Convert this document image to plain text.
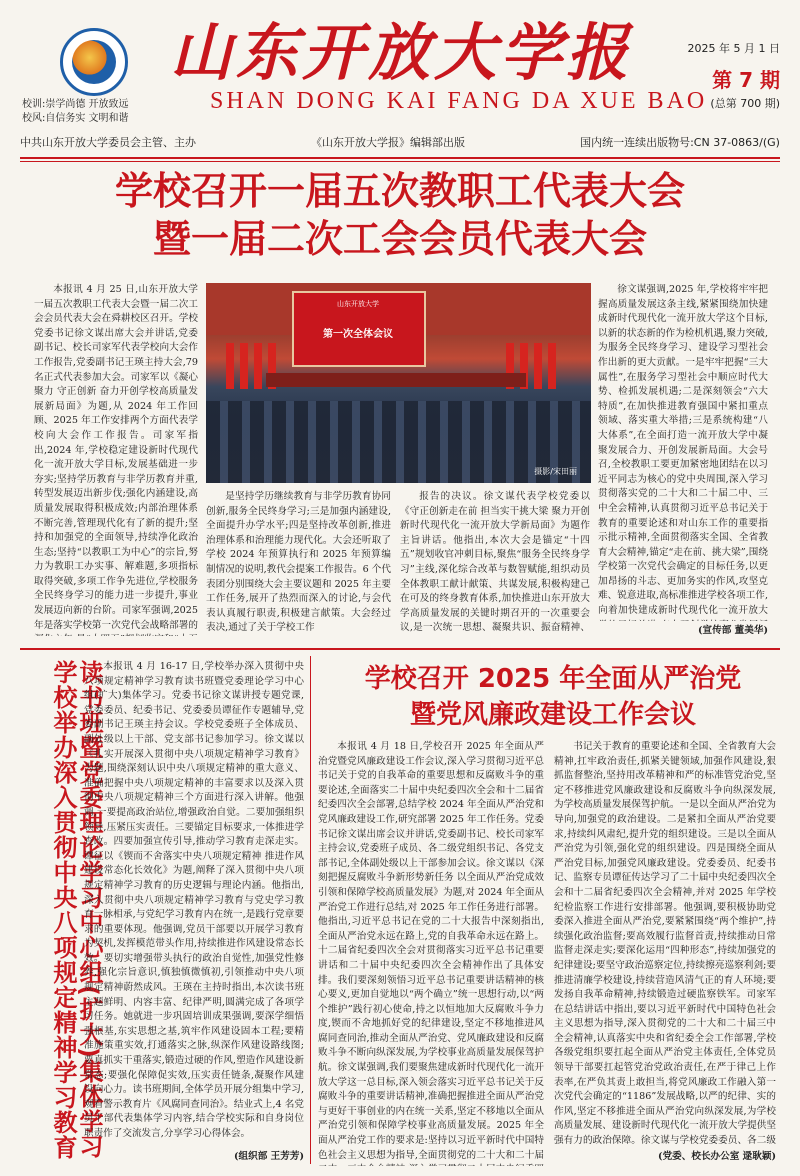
校训:崇学尚德 开放致远
校风:自信务实 文明和谐
山东开放大学报
SHAN DONG KAI FANG DA XUE BAO
2025 年 5 月 1 日
第 7 期
(总第 700 期)
中共山东开放大学委员会主管、主办	《山东开放大学报》编辑部出版	国内统一连续出版物号:CN 37-0863/(G)
学校召开一届五次教职工代表大会
暨一届二次工会会员代表大会

本报讯 4 月 25 日,山东开放大学一届五次教职工代表大会暨一届二次工会会员代表大会在舜耕校区召开。学校党委书记徐文谋出席大会并讲话,党委副书记、校长司家军代表学校向大会作工作报告,党委副书记王瑛主持大会,79 名正式代表参加大会。司家军以《凝心聚力 守正创新 奋力开创学校高质量发展新局面》为题,从 2024 年工作回顾、2025 年工作安排两个方面代表学校向大会作工作报告。司家军指出,2024 年,学校稳定建设新时代现代化一流开放大学目标,发展基础进一步夯实;坚持学历教育与非学历教育并重,转型发展迈出新步伐;强化内涵建设,高质量发展取得积极成效;内部治理体系不断完善,管理现代化有了新的提升;坚持和加强党的全面领导,持续净化政治生态;坚持“以教职工为中心”的宗旨,努力为教职工办实事、解难题,多项指标取得突破,多项工作争先进位,学校服务全民终身学习的能力进一步提升,事业发展迈向新的台阶。司家军强调,2025 年是落实学校第一次党代会战略部署的

山东开放大学
第一次全体会议
摄影/宋田丽

是坚持学历继续教育与非学历教育协同创新,服务全民终身学习;三是加强内涵建设,全面提升办学水平;四是坚持改革创新,推进治理体系和治理能力现代化。大会还听取了学校 2024 年预算执行和 2025 年预算编制情况的说明,教代会提案工作报告。6 个代表团分别围绕大会主要议题和 2025 年主要工作任务,展开了热烈而深入的讨论,与会代表认真履行职责,积极建言献策。大会经过表决,通过了关于学校工作

报告的决议。徐文谋代表学校党委以《守正创新走在前 担当实干挑大梁 聚力开创新时代现代化一流开放大学新局面》为题作主旨讲话。他指出,本次大会是锚定“十四五”规划收官冲刺目标,聚焦“服务全民终身学习”主线,深化综合改革与数智赋能,组织动员全体教职工献计献策、共谋发展,积极构建己在可及的终身教育体系,加快推进山东开放大学高质量发展的关键时期召开的一次重要会议,是一次统一思想、凝聚共识、振奋精神、

徐文谋强调,2025 年,学校将牢牢把握高质量发展这条主线,紧紧围绕加快建成新时代现代化一流开放大学这个目标,以新的状态新的作为检机机遇,聚力突破,为服务全民终身学习、建设学习型社会作出新的更大贡献。一是牢牢把握“三大属性”,在服务学习型社会中顺应时代大势、检抓发展机遇;二是深刻领会“六大特质”,在加快推进教育强国中紧扣重点领域、落实重大举措;三是系统构建“八大体系”,在全面打造一流开放大学中凝聚发展合力、开创发展新局面。大会号召,全校教职工要更加紧密地团结在以习近平同志为核心的党中央周围,深入学习贯彻落实党的二十大和二十届二中、三中全会精神,认真贯彻习近平总书记关于教育的重要论述和对山东工作的重要指示批示精神,全面贯彻落实全国、全省教育大会精神,锚定“走在前、挑大梁”,围绕学校第一次党代会确定的目标任务,以更加昂扬的斗志、更加务实的作风,攻坚克难、锐意进取,高标准推进学校各项工作,向着加快建成新时代现代化一流开放大

(宣传部 董美华)
读书班暨党委理论学习中心组(扩大)集体学习 学校举办深入贯彻中央八项规定精神学习教育	本报讯 4 月 16-17 日,学校举办深入贯彻中央八项规定精神学习教育读书班暨党委理论学习中心组(扩大)集体学习。党委书记徐文谋讲授专题党课,党委委员、纪委书记、党委委员谭征作专题辅导,党委副书记王瑛主持会议。学校党委班子全体成员、副处级以上干部、党支部书记参加学习。徐文谋以《扎实开展深入贯彻中央八项规定精神学习教育》为题,围绕深刻认识中央八项规定精神的重大意义、准确把握中央八项规定精神的丰富要求以及深入贯彻中央八项规定精神三个方面进行深入讲解。他强调,一要提高政治站位,增强政治自觉。二要加强组织领导,压紧压实责任。三要锚定目标要求,一体推进学查改。四要加强宣传引导,推动学习教育走深走实。谭征以《锲而不舍落实中央八项规定精神 推进作风建设常态化长效化》为题,阐释了深入贯彻中央八项规定精神学习教育的历史逻辑与理论内涵。他指出,深入贯彻中央八项规定精神学习教育与党史学习教育一脉相承,与党纪学习教育内在统一,是践行党章要求的重要体现。他强调,党员干部要以开展学习教育为契机,发挥模范带头作用,持续推进作风建设常态长效。要切实增强带头执行的政治自觉性,加强党性修养,强化宗旨意识,慎独慎微慎初,引领推动中央八项规定精神蔚然成风。王瑛在主持时指出,本次读书班主题鲜明、内容丰富、纪律严明,圆满完成了各项学习任务。她就进一步巩固培训成果强调,要深学细悟强根基,东实思想之基,筑牢作风建设固本工程;要精准施策重实效,打通落实之脉,纵深作风建设路线图;要真抓实干重落实,锻造过硬的作风,塑造作风建设新常态;要强化保障促实效,压实责任链条,凝聚作风建设向心力。读书班期间,全体学员开展分组集中学习,观看警示教育片《风腐同查同治》。结业式上,4 名党员干部代表集体学习内容,结合学校实际和自身岗位职责作了交流发言,分享学习心得体会。

(组织部 王芳芳)
学校召开 2025 年全面从严治党
暨党风廉政建设工作会议

本报讯 4 月 18 日,学校召开 2025 年全面从严治党暨党风廉政建设工作会议,深入学习贯彻习近平总书记关于党的自我革命的重要思想和反腐败斗争的重要论述,全面落实二十届中央纪委四次全会和十二届省纪委四次全会部署,总结学校 2024 年全面从严治党和党风廉政建设工作,研究部署 2025 年工作任务。党委书记徐文谋出席会议并讲话,党委副书记、校长司家军主持会议,党委班子成员、各二级党组织书记、各党支部书记,全体副处级以上干部参加会议。徐文谋以《深刻把握反腐败斗争新形势新任务 以全面从严治党成效引领和保障学校高质量发展》为题,对 2024 年全面从严治党工作进行总结,对 2025 年工作任务进行部署。他指出,习近平总书记在党的二十大报告中深刻指出,全面从严治党永远在路上,党的自我革命永远在路上。十二届省纪委四次全会对贯彻落实习近平总书记重要讲话和二十届中央纪委四次全会精神作出了具体安排。我们要深刻领悟习近平总书记重要讲话精神的核心要义,更加自觉地以“两个确立”统一思想行动,以“两个维护”践行初心使命,持之以恒地加大反腐败斗争力度,锲而不舍地抓好党的纪律建设,坚定不移地推进风腐同查同治,推动全面从严治党、党风廉政建设和反腐败斗争不断向纵深发展,为学校事业高质量发展保驾护航。徐文谋强调,我们要聚焦建成新时代现代化一流开放大学这一总目标,深入领会落实习近平总书记关于反腐败斗争的重要讲话精神,准确把握推进全面从严治党与更好干事创业的内在统一关系,坚定不移地以全面从严治党引领和保障学校事业高质量发展。2025 年全面从严治党工作的要求是:坚持以习近平新时代中国特色社会主义思想为指导,全面贯彻党的二十大和二十届

书记关于教育的重要论述和全国、全省教育大会精神,扛牢政治责任,抓紧关键领域,加强作风建设,狠抓监督整治,坚持用改革精神和严的标准管党治党,坚定不移推进党风廉政建设和反腐败斗争向纵深发展,为学校高质量发展保驾护航。一是以全面从严治党为导向,加强党的政治建设。二是紧扣全面从严治党要求,持续纠风肃纪,提升党的组织建设。三是以全面从严治党为引领,强化党的组织建设。四是围绕全面从严治党目标,加强党风廉政建设。党委委员、纪委书记、监察专员谭征传达学习了二十届中央纪委四次全会和十二届省纪委四次全会精神,并对 2025 年学校纪检监察工作进行安排部署。他强调,要积极协助党委深入推进全面从严治党,要紧紧围绕“两个维护”,持续强化政治监督;要高效履行监督首责,持续推动日常监督走深走实;要深化运用“四种形态”,持续加强党的纪律建设;要坚守政治巡察定位,持续擦亮巡察利剑;要推进清廉学校建设,持续营造风清气正的育人环境;要发扬自我革命精神,持续锻造过硬监察铁军。司家军在总结讲话中指出,要以习近平新时代中国特色社会主义思想为指导,深入贯彻党的二十大和二十届三中全会精神,认真落实中央和省纪委全会工作部署,学校各级党组织要扛起全面从严治党主体责任,全体党员领导干部要扛起管党治党政治责任,在严于律己上作表率,在严负其责上敢担当,将党风廉政工作融入第一次党代会确定的“1186”发展战略,以严的纪律、实的作风,坚定不移推进全面从严治党向纵深发展,为学校高质量发展、建设新时代现代化一流开放大学提供坚强有力的政治保障。徐文谋与学校党委委员、各二级

(党委、校长办公室 逯耿颖)
